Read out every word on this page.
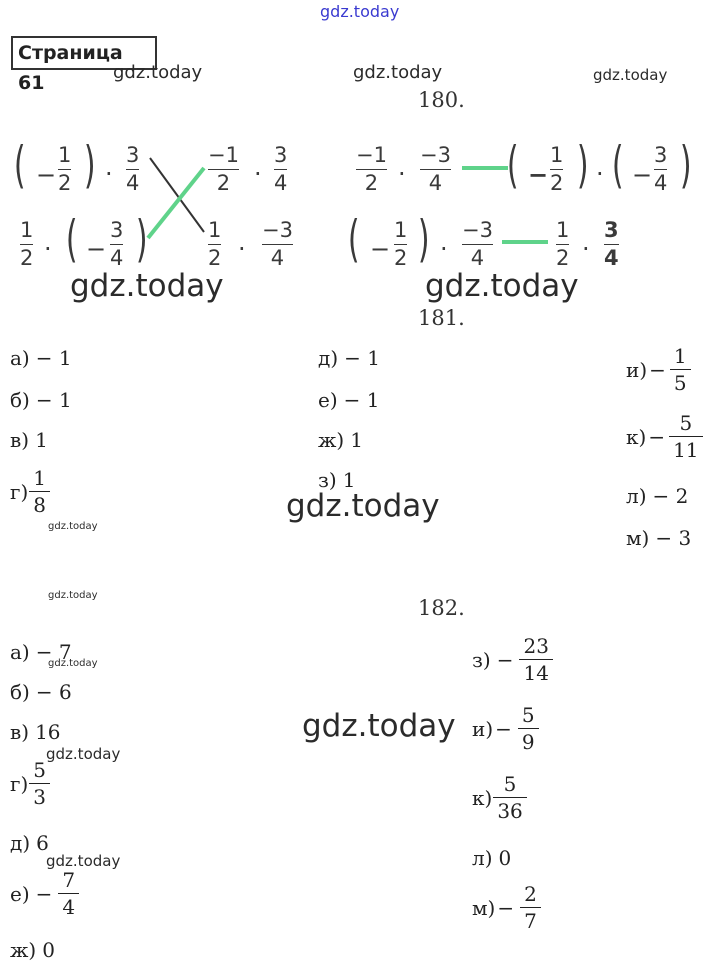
gdz.today
Страница 61	gdz.today	gdz.today	gdz.today
180.
( −
1
2 ) ·
3
4
−1
2 ·
3
4
1
2 · ( −
3
4 )	1
2 ·
−3
4
−1
2 ·
−3
4 ( −
1
2 ) · ( −
3
4 )
( −
1
2 ) ·
−3
4
1
2 ·
3
4
gdz.today	gdz.today
181.
а) − 1
б) − 1
в) 1
$г) \frac{1}{8}$
gdz.today
д) − 1
е) − 1
ж) 1
з) 1
gdz.today
$и) - \frac{1}{5}$
$к) - \frac{5}{11}$
л) − 2
м) − 3
gdz.today
182.
а) − 7
б) − 6
в) 16
$г) \frac{5}{3}$
д) 6
$е) - \frac{7}{4}$
ж) 0
gdz.today
gdz.today
gdz.today
$з) - \frac{23}{14}$
$и) - \frac{5}{9}$
$к) \frac{5}{36}$
л) 0
$м) - \frac{2}{7}$
gdz.today
